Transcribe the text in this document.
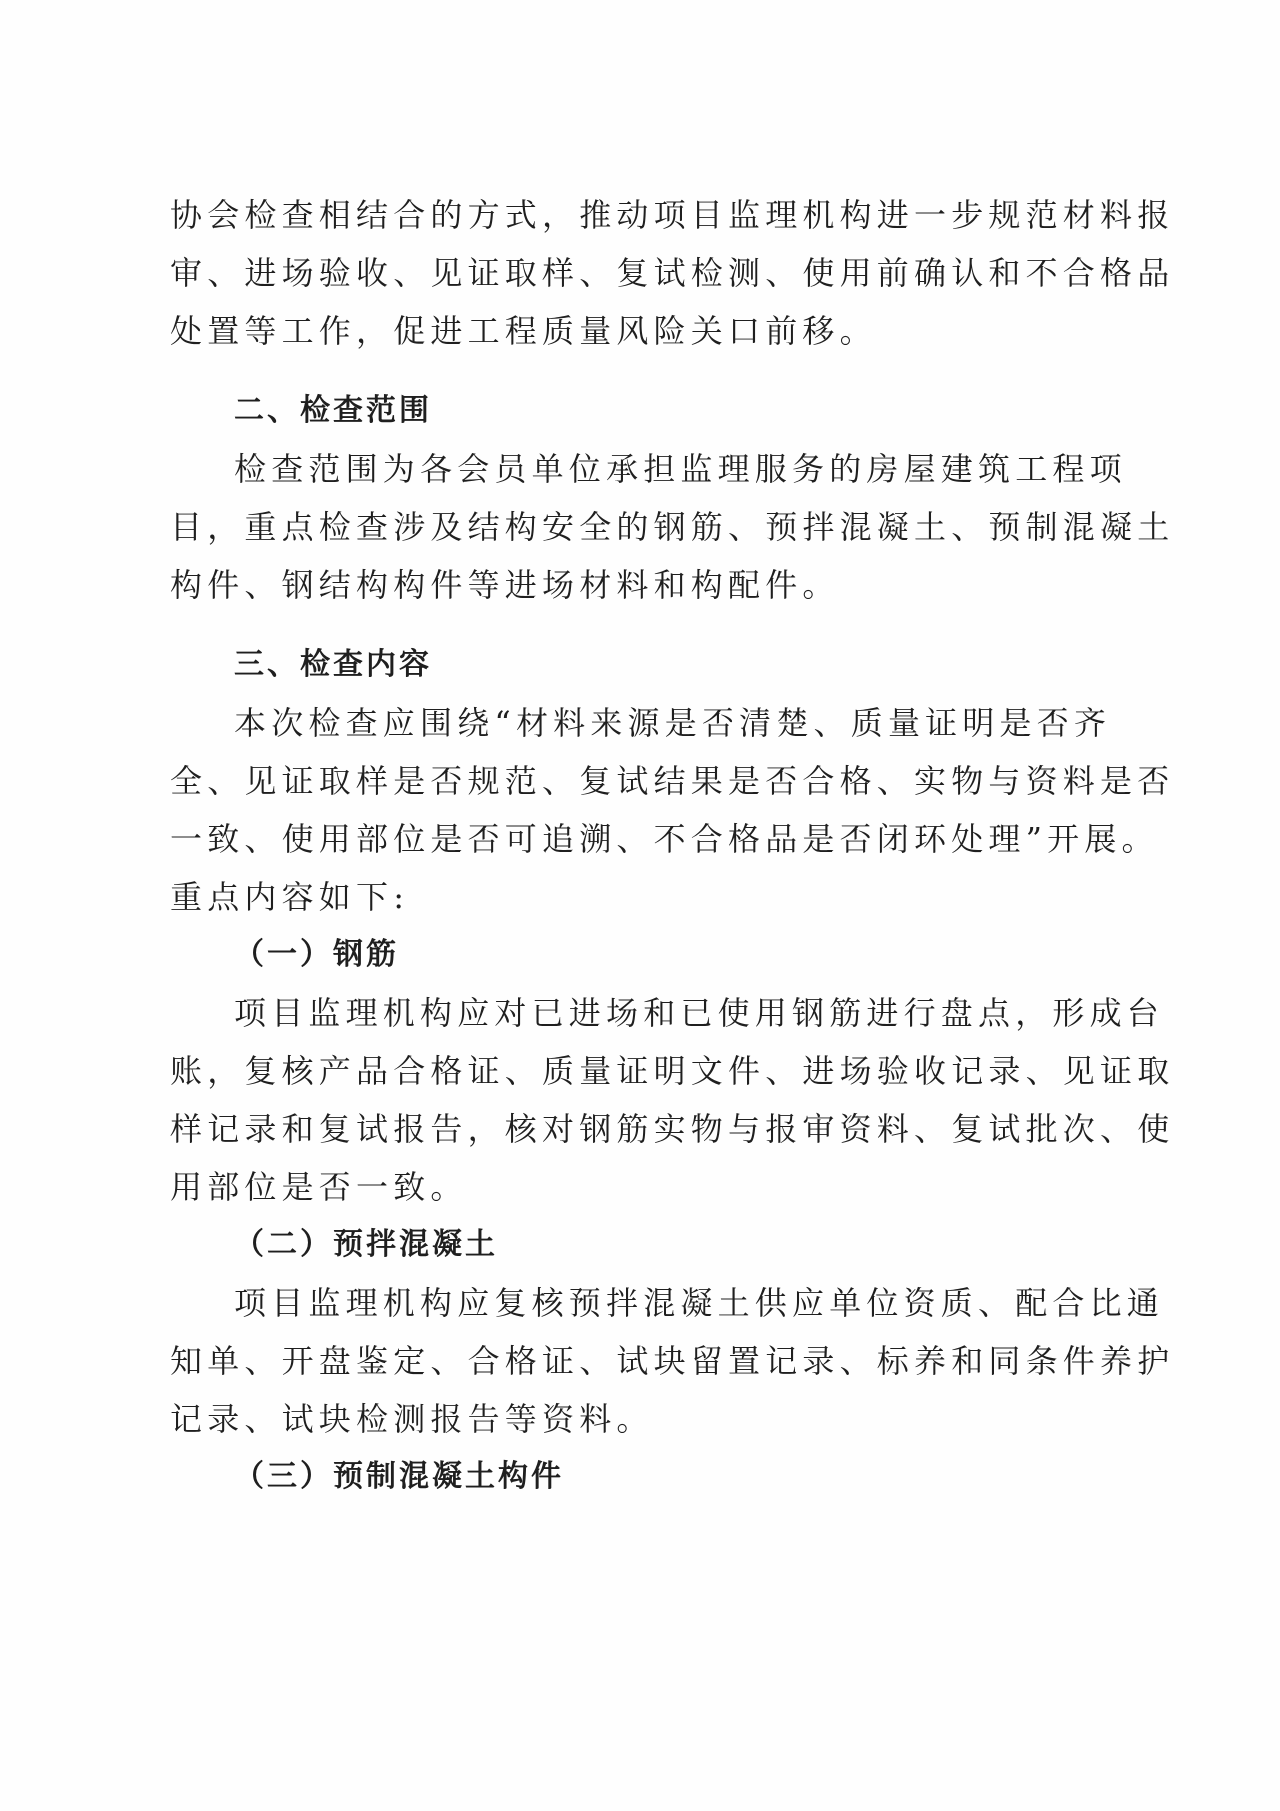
协会检查相结合的方式，推动项目监理机构进一步规范材料报

审、进场验收、见证取样、复试检测、使用前确认和不合格品

处置等工作，促进工程质量风险关口前移。

二、检查范围

检查范围为各会员单位承担监理服务的房屋建筑工程项

目，重点检查涉及结构安全的钢筋、预拌混凝土、预制混凝土

构件、钢结构构件等进场材料和构配件。

三、检查内容

本次检查应围绕“材料来源是否清楚、质量证明是否齐

全、见证取样是否规范、复试结果是否合格、实物与资料是否

一致、使用部位是否可追溯、不合格品是否闭环处理”开展。

重点内容如下:

（一）钢筋

项目监理机构应对已进场和已使用钢筋进行盘点，形成台

账，复核产品合格证、质量证明文件、进场验收记录、见证取

样记录和复试报告，核对钢筋实物与报审资料、复试批次、使

用部位是否一致。

（二）预拌混凝土

项目监理机构应复核预拌混凝土供应单位资质、配合比通

知单、开盘鉴定、合格证、试块留置记录、标养和同条件养护

记录、试块检测报告等资料。

（三）预制混凝土构件
